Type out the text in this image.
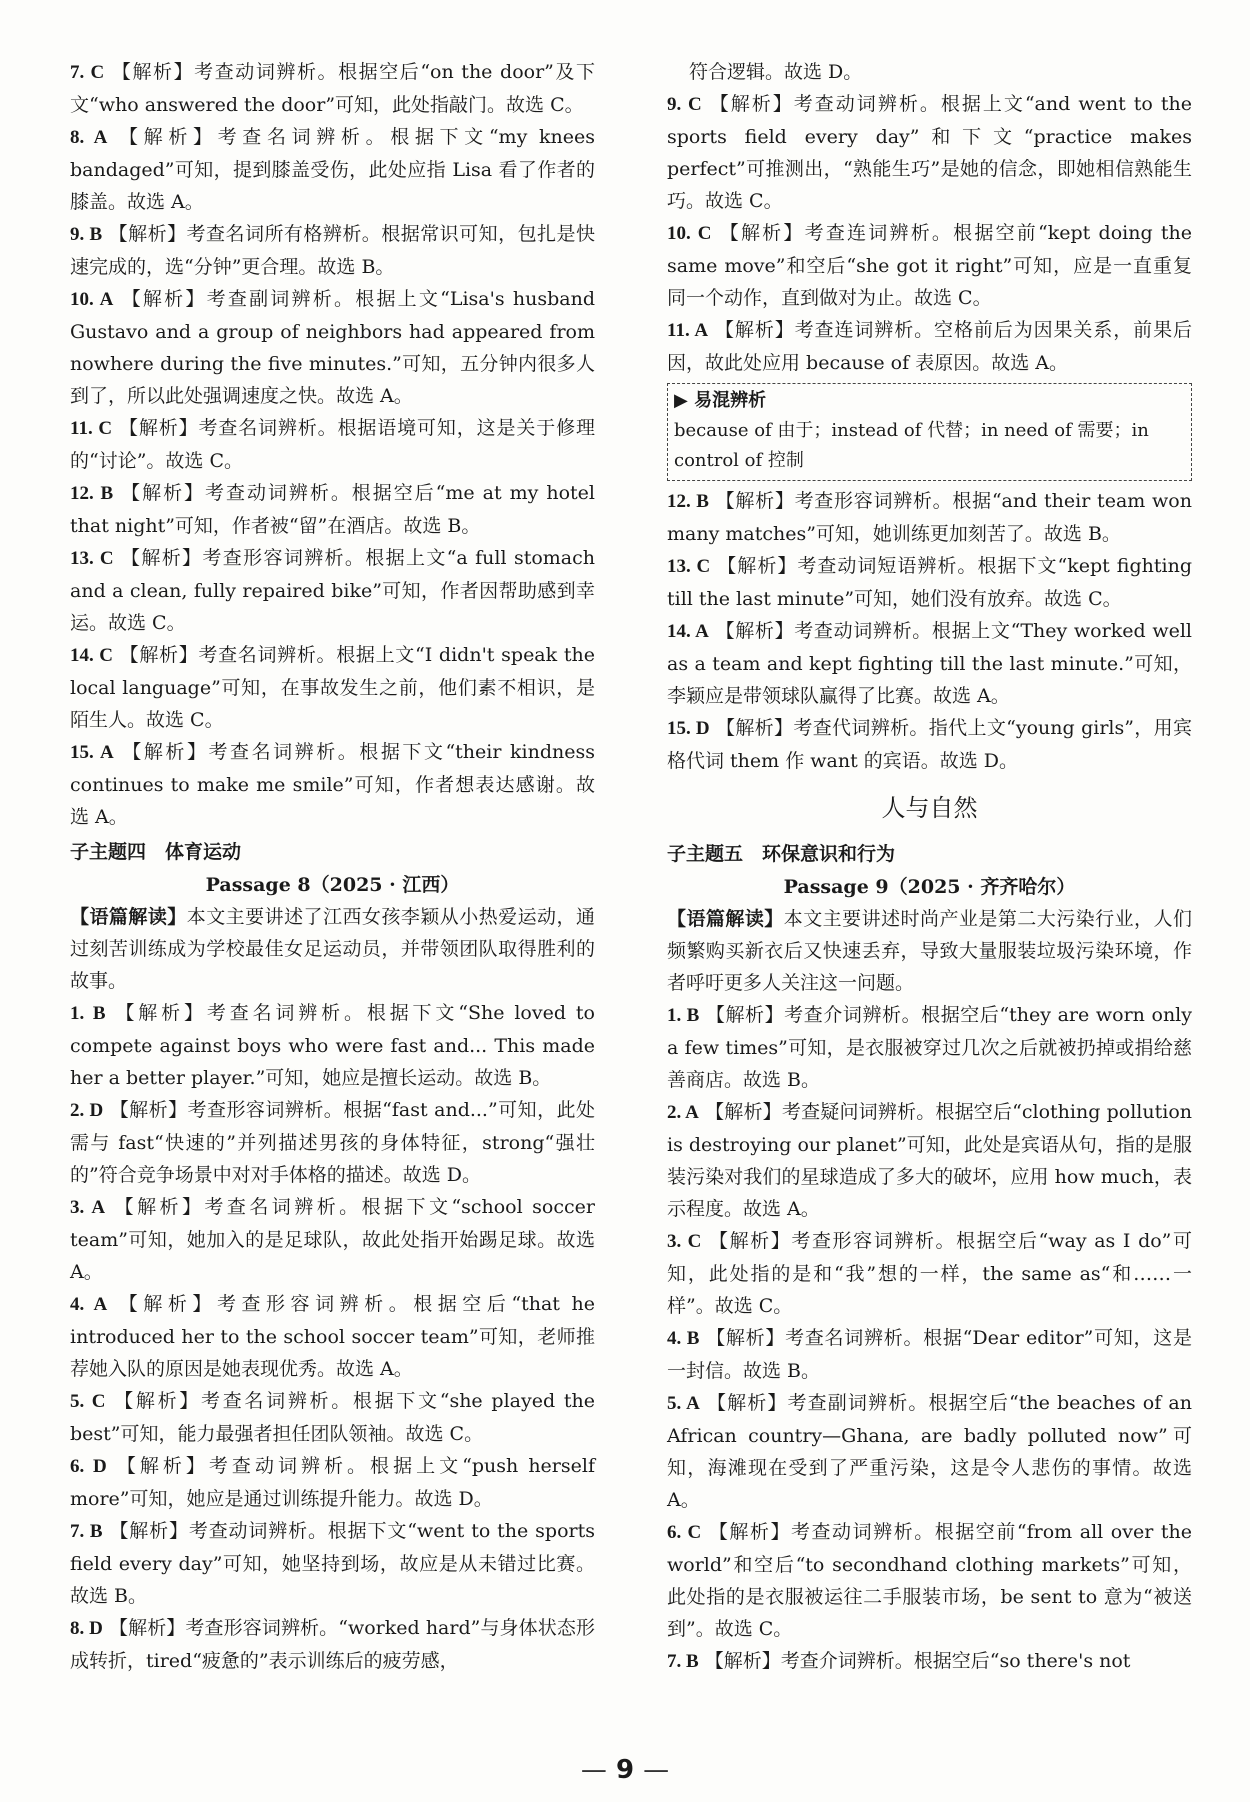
7. C 【解析】考查动词辨析。根据空后“on the door”及下文“who answered the door”可知，此处指敲门。故选 C。

8. A 【解析】考查名词辨析。根据下文“my knees bandaged”可知，提到膝盖受伤，此处应指 Lisa 看了作者的膝盖。故选 A。

9. B 【解析】考查名词所有格辨析。根据常识可知，包扎是快速完成的，选“分钟”更合理。故选 B。

10. A 【解析】考查副词辨析。根据上文“Lisa's husband Gustavo and a group of neighbors had appeared from nowhere during the five minutes.”可知，五分钟内很多人到了，所以此处强调速度之快。故选 A。

11. C 【解析】考查名词辨析。根据语境可知，这是关于修理的“讨论”。故选 C。

12. B 【解析】考查动词辨析。根据空后“me at my hotel that night”可知，作者被“留”在酒店。故选 B。

13. C 【解析】考查形容词辨析。根据上文“a full stomach and a clean, fully repaired bike”可知，作者因帮助感到幸运。故选 C。

14. C 【解析】考查名词辨析。根据上文“I didn't speak the local language”可知，在事故发生之前，他们素不相识，是陌生人。故选 C。

15. A 【解析】考查名词辨析。根据下文“their kindness continues to make me smile”可知，作者想表达感谢。故选 A。

子主题四　体育运动
Passage 8（2025 · 江西）

【语篇解读】本文主要讲述了江西女孩李颖从小热爱运动，通过刻苦训练成为学校最佳女足运动员，并带领团队取得胜利的故事。

1. B 【解析】考查名词辨析。根据下文“She loved to compete against boys who were fast and... This made her a better player.”可知，她应是擅长运动。故选 B。

2. D 【解析】考查形容词辨析。根据“fast and...”可知，此处需与 fast“快速的”并列描述男孩的身体特征，strong“强壮的”符合竞争场景中对对手体格的描述。故选 D。

3. A 【解析】考查名词辨析。根据下文“school soccer team”可知，她加入的是足球队，故此处指开始踢足球。故选 A。

4. A 【解析】考查形容词辨析。根据空后“that he introduced her to the school soccer team”可知，老师推荐她入队的原因是她表现优秀。故选 A。

5. C 【解析】考查名词辨析。根据下文“she played the best”可知，能力最强者担任团队领袖。故选 C。

6. D 【解析】考查动词辨析。根据上文“push herself more”可知，她应是通过训练提升能力。故选 D。

7. B 【解析】考查动词辨析。根据下文“went to the sports field every day”可知，她坚持到场，故应是从未错过比赛。故选 B。

8. D 【解析】考查形容词辨析。“worked hard”与身体状态形成转折，tired“疲惫的”表示训练后的疲劳感，

符合逻辑。故选 D。

9. C 【解析】考查动词辨析。根据上文“and went to the sports field every day”和下文“practice makes perfect”可推测出，“熟能生巧”是她的信念，即她相信熟能生巧。故选 C。

10. C 【解析】考查连词辨析。根据空前“kept doing the same move”和空后“she got it right”可知，应是一直重复同一个动作，直到做对为止。故选 C。

11. A 【解析】考查连词辨析。空格前后为因果关系，前果后因，故此处应用 because of 表原因。故选 A。

▶ 易混辨析
because of 由于；instead of 代替；in need of 需要；in control of 控制

12. B 【解析】考查形容词辨析。根据“and their team won many matches”可知，她训练更加刻苦了。故选 B。

13. C 【解析】考查动词短语辨析。根据下文“kept fighting till the last minute”可知，她们没有放弃。故选 C。

14. A 【解析】考查动词辨析。根据上文“They worked well as a team and kept fighting till the last minute.”可知，李颖应是带领球队赢得了比赛。故选 A。

15. D 【解析】考查代词辨析。指代上文“young girls”，用宾格代词 them 作 want 的宾语。故选 D。

人与自然
子主题五　环保意识和行为
Passage 9（2025 · 齐齐哈尔）

【语篇解读】本文主要讲述时尚产业是第二大污染行业，人们频繁购买新衣后又快速丢弃，导致大量服装垃圾污染环境，作者呼吁更多人关注这一问题。

1. B 【解析】考查介词辨析。根据空后“they are worn only a few times”可知，是衣服被穿过几次之后就被扔掉或捐给慈善商店。故选 B。

2. A 【解析】考查疑问词辨析。根据空后“clothing pollution is destroying our planet”可知，此处是宾语从句，指的是服装污染对我们的星球造成了多大的破坏，应用 how much，表示程度。故选 A。

3. C 【解析】考查形容词辨析。根据空后“way as I do”可知，此处指的是和“我”想的一样，the same as“和……一样”。故选 C。

4. B 【解析】考查名词辨析。根据“Dear editor”可知，这是一封信。故选 B。

5. A 【解析】考查副词辨析。根据空后“the beaches of an African country—Ghana, are badly polluted now”可知，海滩现在受到了严重污染，这是令人悲伤的事情。故选 A。

6. C 【解析】考查动词辨析。根据空前“from all over the world”和空后“to secondhand clothing markets”可知，此处指的是衣服被运往二手服装市场，be sent to 意为“被送到”。故选 C。

7. B 【解析】考查介词辨析。根据空后“so there's not

— 9 —
